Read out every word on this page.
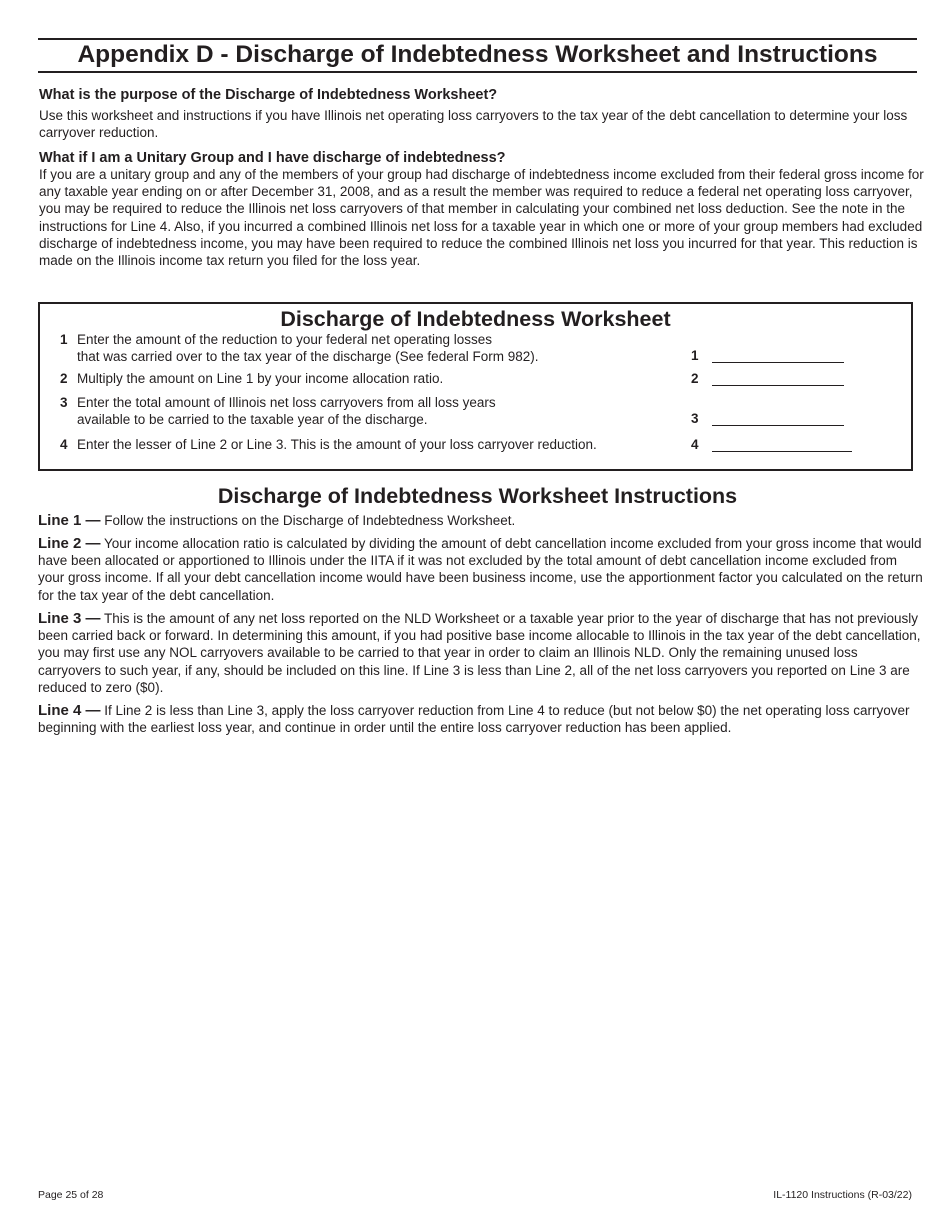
Appendix D - Discharge of Indebtedness Worksheet and Instructions
What is the purpose of the Discharge of Indebtedness Worksheet?

Use this worksheet and instructions if you have Illinois net operating loss carryovers to the tax year of the debt cancellation to determine your loss carryover reduction.

What if I am a Unitary Group and I have discharge of indebtedness?

If you are a unitary group and any of the members of your group had discharge of indebtedness income excluded from their federal gross income for any taxable year ending on or after December 31, 2008, and as a result the member was required to reduce a federal net operating loss carryover, you may be required to reduce the Illinois net loss carryovers of that member in calculating your combined net loss deduction. See the note in the instructions for Line 4. Also, if you incurred a combined Illinois net loss for a taxable year in which one or more of your group members had excluded discharge of indebtedness income, you may have been required to reduce the combined Illinois net loss you incurred for that year. This reduction is made on the Illinois income tax return you filed for the loss year.

Discharge of Indebtedness Worksheet
1 Enter the amount of the reduction to your federal net operating losses
that was carried over to the tax year of the discharge (See federal Form 982).	1
2 Multiply the amount on Line 1 by your income allocation ratio.	2
3 Enter the total amount of Illinois net loss carryovers from all loss years
available to be carried to the taxable year of the discharge.	3
4 Enter the lesser of Line 2 or Line 3. This is the amount of your loss carryover reduction.	4
Discharge of Indebtedness Worksheet Instructions

Line 1 — Follow the instructions on the Discharge of Indebtedness Worksheet.

Line 2 — Your income allocation ratio is calculated by dividing the amount of debt cancellation income excluded from your gross income that would have been allocated or apportioned to Illinois under the IITA if it was not excluded by the total amount of debt cancellation income excluded from your gross income. If all your debt cancellation income would have been business income, use the apportionment factor you calculated on the return for the tax year of the debt cancellation.

Line 3 — This is the amount of any net loss reported on the NLD Worksheet or a taxable year prior to the year of discharge that has not previously been carried back or forward. In determining this amount, if you had positive base income allocable to Illinois in the tax year of the debt cancellation, you may first use any NOL carryovers available to be carried to that year in order to claim an Illinois NLD. Only the remaining unused loss carryovers to such year, if any, should be included on this line. If Line 3 is less than Line 2, all of the net loss carryovers you reported on Line 3 are reduced to zero ($0).

Line 4 — If Line 2 is less than Line 3, apply the loss carryover reduction from Line 4 to reduce (but not below $0) the net operating loss carryover beginning with the earliest loss year, and continue in order until the entire loss carryover reduction has been applied.

Page 25 of 28	IL-1120 Instructions (R-03/22)
